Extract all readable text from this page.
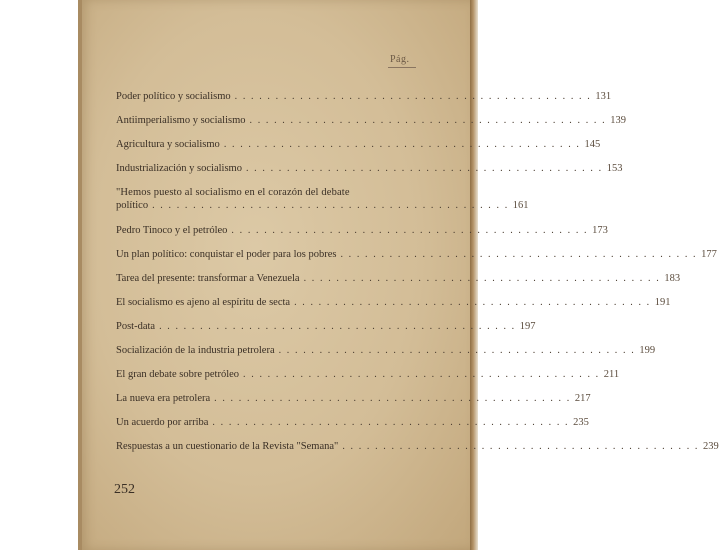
Pág.
Poder político y socialismo . . . . . . . . . . . . . . . . . . . . . . . . . . . . . . . . . . . . . . . . . . . . 131
Antiimperialismo y socialismo . . . . . . . . . . . . . . . . . . . . . . . . . . . . . . . . . . . . . . . . . . . . 139
Agricultura y socialismo . . . . . . . . . . . . . . . . . . . . . . . . . . . . . . . . . . . . . . . . . . . . 145
Industrialización y socialismo . . . . . . . . . . . . . . . . . . . . . . . . . . . . . . . . . . . . . . . . . . . . 153
"Hemos puesto al socialismo en el corazón del debate
político . . . . . . . . . . . . . . . . . . . . . . . . . . . . . . . . . . . . . . . . . . . . 161
Pedro Tinoco y el petróleo . . . . . . . . . . . . . . . . . . . . . . . . . . . . . . . . . . . . . . . . . . . . 173
Un plan político: conquistar el poder para los pobres . . . . . . . . . . . . . . . . . . . . . . . . . . . . . . . . . . . . . . . . . . . . 177
Tarea del presente: transformar a Venezuela . . . . . . . . . . . . . . . . . . . . . . . . . . . . . . . . . . . . . . . . . . . . 183
El socialismo es ajeno al espíritu de secta . . . . . . . . . . . . . . . . . . . . . . . . . . . . . . . . . . . . . . . . . . . . 191
Post-data . . . . . . . . . . . . . . . . . . . . . . . . . . . . . . . . . . . . . . . . . . . . 197
Socialización de la industria petrolera . . . . . . . . . . . . . . . . . . . . . . . . . . . . . . . . . . . . . . . . . . . . 199
El gran debate sobre petróleo . . . . . . . . . . . . . . . . . . . . . . . . . . . . . . . . . . . . . . . . . . . . 211
La nueva era petrolera . . . . . . . . . . . . . . . . . . . . . . . . . . . . . . . . . . . . . . . . . . . . 217
Un acuerdo por arriba . . . . . . . . . . . . . . . . . . . . . . . . . . . . . . . . . . . . . . . . . . . . 235
Respuestas a un cuestionario de la Revista "Semana" . . . . . . . . . . . . . . . . . . . . . . . . . . . . . . . . . . . . . . . . . . . . 239
252
